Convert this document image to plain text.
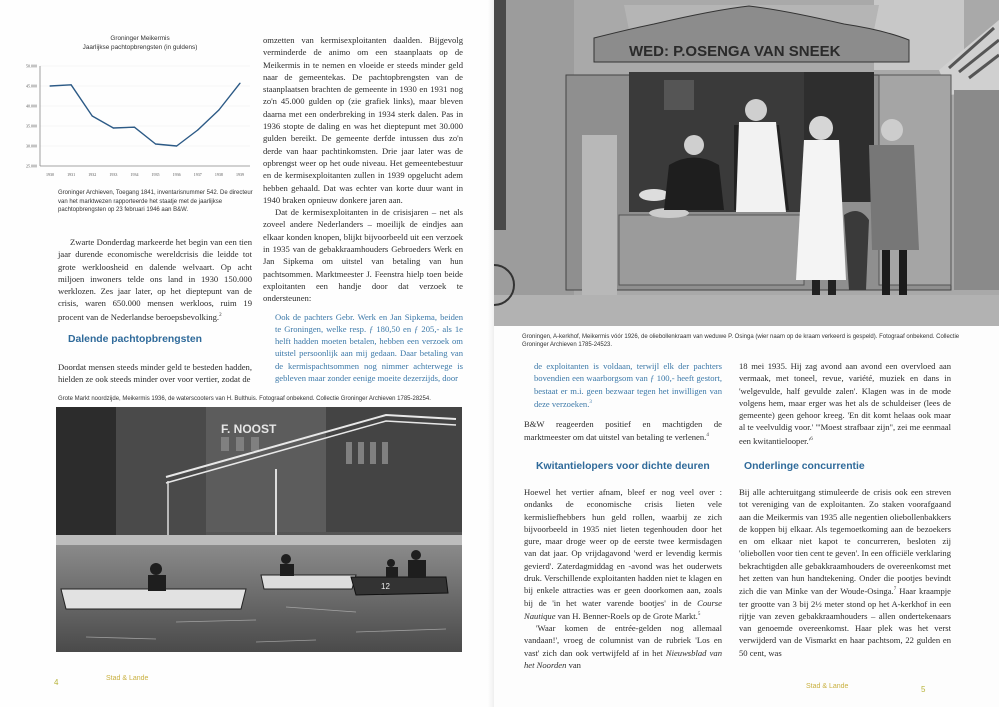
Groninger Meikermis
Jaarlijkse pachtopbrengsten (in guldens)
25.000
30.000
35.000
40.000
45.000
50.000
1930	1931	1932	1933	1934	1935	1936	1937	1938	1939
Groninger Archieven, Toegang 1841, inventarisnummer 542. De directeur van het marktwezen rapporteerde het staatje met de jaarlijkse pachtopbrengsten op 23 februari 1946 aan B&W.

Zwarte Donderdag markeerde het begin van een tien jaar durende economische wereldcrisis die leidde tot grote werkloosheid en dalende welvaart. Op acht miljoen inwoners telde ons land in 1930 150.000 werklozen. Zes jaar later, op het dieptepunt van de crisis, waren 650.000 mensen werkloos, ruim 19 procent van de Nederlandse beroepsbevolking.$^2$

Dalende pachtopbrengsten

Doordat mensen steeds minder geld te besteden hadden, hielden ze ook steeds minder over voor vertier, zodat de

omzetten van kermisexploitanten daalden. Bijgevolg verminderde de animo om een staanplaats op de Meikermis in te nemen en vloeide er steeds minder geld naar de gemeentekas. De pachtopbrengsten van de staanplaatsen brachten de gemeente in 1930 en 1931 nog zo'n 45.000 gulden op (zie grafiek links), maar bleven daarna met een onderbreking in 1934 sterk dalen. Pas in 1936 stopte de daling en was het dieptepunt met 30.000 gulden bereikt. De gemeente derfde intussen dus zo'n derde van haar pachtinkomsten. Drie jaar later was de opbrengst weer op het oude niveau. Het gemeentebestuur en de kermisexploitanten zullen in 1939 opgelucht adem hebben gehaald. Dat was echter van korte duur want in 1940 braken opnieuw donkere jaren aan.

Dat de kermisexploitanten in de crisisjaren – net als zoveel andere Nederlanders – moeilijk de eindjes aan elkaar konden knopen, blijkt bijvoorbeeld uit een verzoek in 1935 van de gebakkraamhouders Gebroeders Werk en Jan Sipkema om uitstel van betaling van hun pachtsommen. Marktmeester J. Feenstra hielp toen beide exploitanten een handje door dat verzoek te ondersteunen:

Ook de pachters Gebr. Werk en Jan Sipkema, beiden te Groningen, welke resp. ƒ 180,50 en ƒ 205,- als 1e helft hadden moeten betalen, hebben een verzoek om uitstel persoonlijk aan mij gedaan. Daar betaling van de kermispachtsommen nog nimmer achterwege is gebleven maar zonder eenige moeite dezerzijds, door

Grote Markt noordzijde, Meikermis 1936, de waterscooters van H. Bulthuis. Fotograaf onbekend. Collectie Groninger Archieven 1785-28254.
F. NOOST
12
4	Stad & Lande
WED: P.OSENGA VAN SNEEK
Groningen, A-kerkhof, Meikermis vóór 1926, de oliebollenkraam van weduwe P. Osinga (wier naam op de kraam verkeerd is gespeld). Fotograaf onbekend. Collectie Groninger Archieven 1785-24523.

de exploitanten is voldaan, terwijl elk der pachters bovendien een waarborgsom van ƒ 100,- heeft gestort, bestaat er m.i. geen bezwaar tegen het inwilligen van deze verzoeken.$^3$

B&W reageerden positief en machtigden de marktmeester om dat uitstel van betaling te verlenen.$^4$

Kwitantielopers voor dichte deuren

Hoewel het vertier afnam, bleef er nog veel over : ondanks de economische crisis lieten vele kermisliefhebbers hun geld rollen, waarbij ze zich bijvoorbeeld in 1935 niet lieten tegenhouden door het gure, maar droge weer op de eerste twee kermisdagen van dat jaar. Op vrijdagavond 'werd er levendig kermis gevierd'. Zaterdagmiddag en -avond was het ouderwets druk. Verschillende exploitanten hadden niet te klagen en bij enkele attracties was er geen doorkomen aan, zoals bij de 'in het water varende bootjes' in de Course Nautique van H. Benner-Roels op de Grote Markt.$^5$

'Waar komen de entrée-gelden nog allemaal vandaan!', vroeg de columnist van de rubriek 'Los en vast' zich dan ook vertwijfeld af in het Nieuwsblad van het Noorden van

18 mei 1935. Hij zag avond aan avond een overvloed aan vermaak, met toneel, revue, variété, muziek en dans in 'welgevulde, half gevulde zalen'. Klagen was in de mode volgens hem, maar erger was het als de schuldeiser (lees de gemeente) geen gehoor kreeg. 'En dit komt helaas ook maar al te veelvuldig voor.' '"Moest strafbaar zijn", zei me eenmaal een $kwitantielooper.'^6$

Onderlinge concurrentie

Bij alle achteruitgang stimuleerde de crisis ook een streven tot vereniging van de exploitanten. Zo staken voorafgaand aan die Meikermis van 1935 alle negentien oliebollenbakkers de koppen bij elkaar. Als tegemoetkoming aan de bezoekers en om elkaar niet kapot te concurreren, besloten zij 'oliebollen voor tien cent te geven'. In een officiële verklaring bekrachtigden alle gebakkraamhouders de overeenkomst met het zetten van hun handtekening. Onder die pootjes bevindt zich die van Minke van der Woude-Osinga.$^7$ Haar kraampje ter grootte van 3 bij 2½ meter stond op het A-kerkhof in een rijtje van zeven gebakkraamhouders – allen ondertekenaars van genoemde overeenkomst. Haar plek was het verst verwijderd van de Vismarkt en haar pachtsom, 22 gulden en 50 cent, was

Stad & Lande	5
